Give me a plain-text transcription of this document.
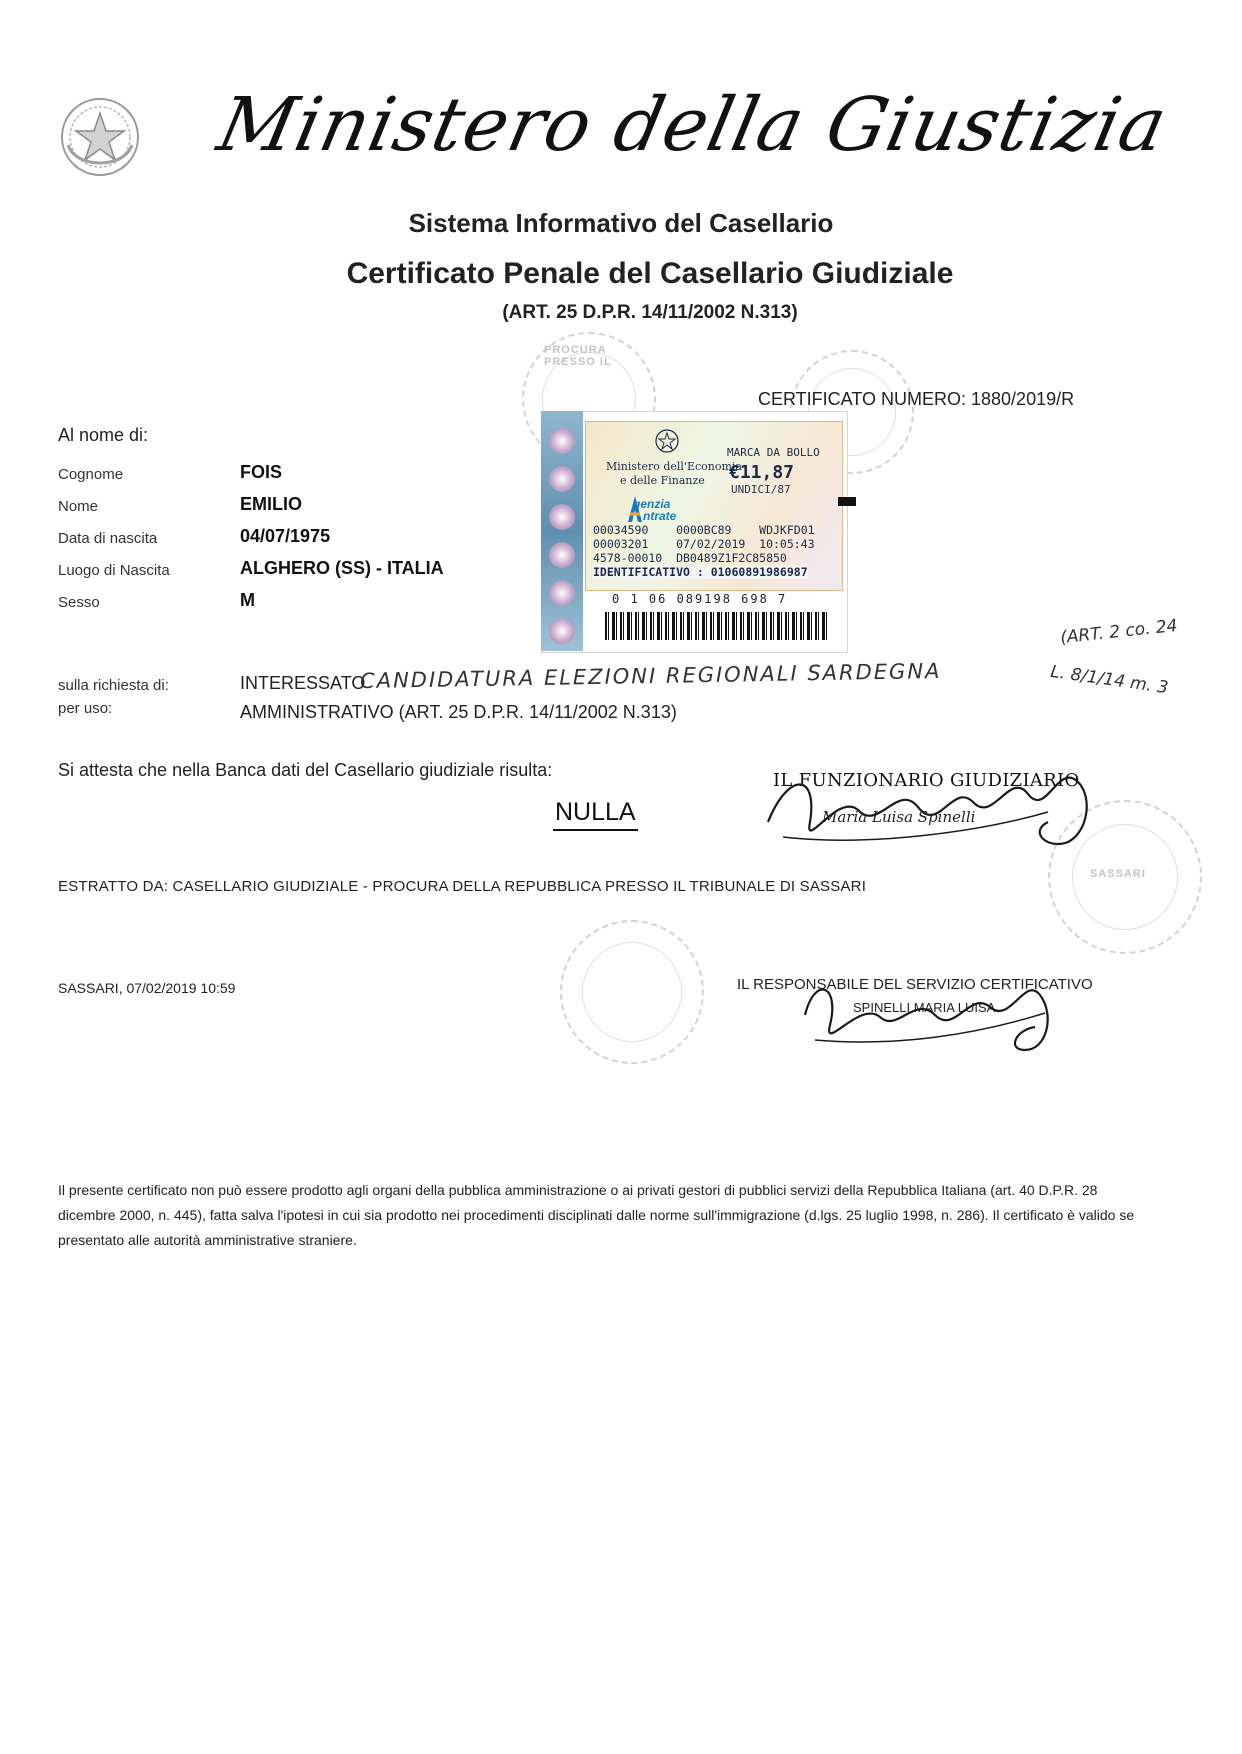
Ministero della Giustizia
Sistema Informativo del Casellario
Certificato Penale del Casellario Giudiziale
(ART. 25 D.P.R. 14/11/2002 N.313)
PROCURA PRESSO IL
SASSARI
CERTIFICATO NUMERO: 1880/2019/R
Al nome di:
Cognome	FOIS
Nome	EMILIO
Data di nascita	04/07/1975
Luogo di Nascita	ALGHERO (SS) - ITALIA
Sesso	M
Ministero dell'Economia
e delle Finanze
MARCA DA BOLLO
€11,87
UNDICI/87
genzia
ntrate
00034590    0000BC89    WDJKFD01
00003201    07/02/2019  10:05:43
4578-00010  DB0489Z1F2C85850
IDENTIFICATIVO : 01060891986987
0 1 06 089198 698 7
sulla richiesta di:	INTERESSATO
CANDIDATURA ELEZIONI REGIONALI SARDEGNA
(ART. 2 co. 24
L. 8/1/14 m. 3
per uso:	AMMINISTRATIVO (ART. 25 D.P.R. 14/11/2002 N.313)
Si attesta che nella Banca dati del Casellario giudiziale risulta:
NULLA
IL FUNZIONARIO GIUDIZIARIO
Maria Luisa Spinelli
ESTRATTO DA: CASELLARIO GIUDIZIALE - PROCURA DELLA REPUBBLICA PRESSO IL TRIBUNALE DI SASSARI
SASSARI, 07/02/2019 10:59	IL RESPONSABILE DEL SERVIZIO CERTIFICATIVO
SPINELLI MARIA LUISA
Il presente certificato non può essere prodotto agli organi della pubblica amministrazione o ai privati gestori di pubblici servizi della Repubblica Italiana (art. 40 D.P.R. 28 dicembre 2000, n. 445), fatta salva l'ipotesi in cui sia prodotto nei procedimenti disciplinati dalle norme sull'immigrazione (d.lgs. 25 luglio 1998, n. 286). Il certificato è valido se presentato alle autorità amministrative straniere.
